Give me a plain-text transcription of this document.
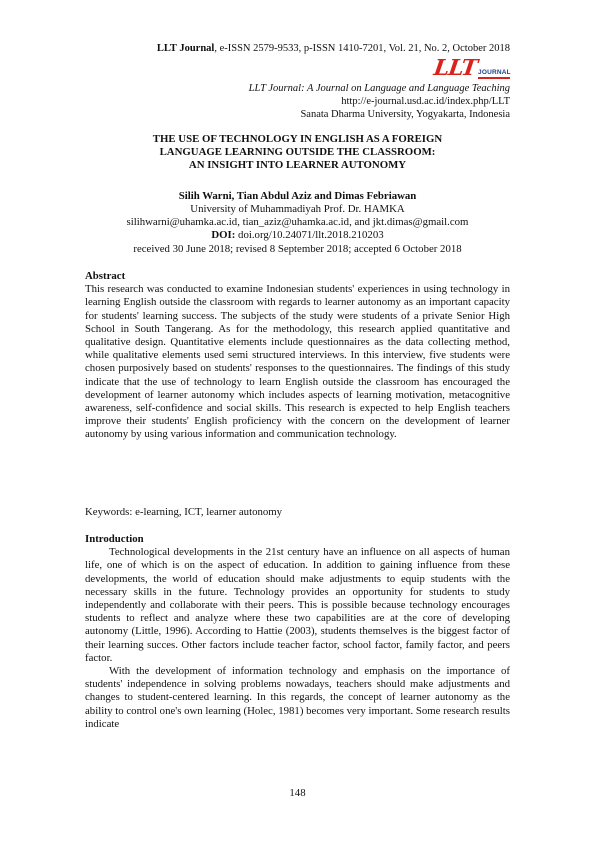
LLT Journal, e-ISSN 2579-9533, p-ISSN 1410-7201, Vol. 21, No. 2, October 2018
LLT JOURNAL
LLT Journal: A Journal on Language and Language Teaching
http://e-journal.usd.ac.id/index.php/LLT
Sanata Dharma University, Yogyakarta, Indonesia
THE USE OF TECHNOLOGY IN ENGLISH AS A FOREIGN
LANGUAGE LEARNING OUTSIDE THE CLASSROOM:
AN INSIGHT INTO LEARNER AUTONOMY
Silih Warni, Tian Abdul Aziz and Dimas Febriawan
University of Muhammadiyah Prof. Dr. HAMKA
silihwarni@uhamka.ac.id, tian_aziz@uhamka.ac.id, and jkt.dimas@gmail.com
DOI: doi.org/10.24071/llt.2018.210203
received 30 June 2018; revised 8 September 2018; accepted 6 October 2018
Abstract

This research was conducted to examine Indonesian students' experiences in using technology in learning English outside the classroom with regards to learner autonomy as an important capacity for students' learning success. The subjects of the study were students of a private Senior High School in South Tangerang. As for the methodology, this research applied quantitative and qualitative design. Quantitative elements include questionnaires as the data collecting method, while qualitative elements used semi structured interviews. In this interview, five students were chosen purposively based on students' responses to the questionnaires. The findings of this study indicate that the use of technology to learn English outside the classroom has encouraged the development of learner autonomy which includes aspects of learning motivation, metacognitive awareness, self-confidence and social skills. This research is expected to help English teachers improve their students' English proficiency with the concern on the development of learner autonomy by using various information and communication technology.

Keywords: e-learning, ICT, learner autonomy
Introduction

Technological developments in the 21st century have an influence on all aspects of human life, one of which is on the aspect of education. In addition to gaining influence from these developments, the world of education should make adjustments to equip students with the necessary skills in the future. Technology provides an opportunity for students to study independently and collaborate with their peers. This is possible because technology encourages students to reflect and analyze where these two capabilities are at the core of developing autonomy (Little, 1996). According to Hattie (2003), students themselves is the biggest factor of their learning succes. Other factors include teacher factor, school factor, family factor, and peers factor.

With the development of information technology and emphasis on the importance of students' independence in solving problems nowadays, teachers should make adjustments and changes to student-centered learning. In this regards, the concept of learner autonomy as the ability to control one's own learning (Holec, 1981) becomes very important. Some research results indicate

148
